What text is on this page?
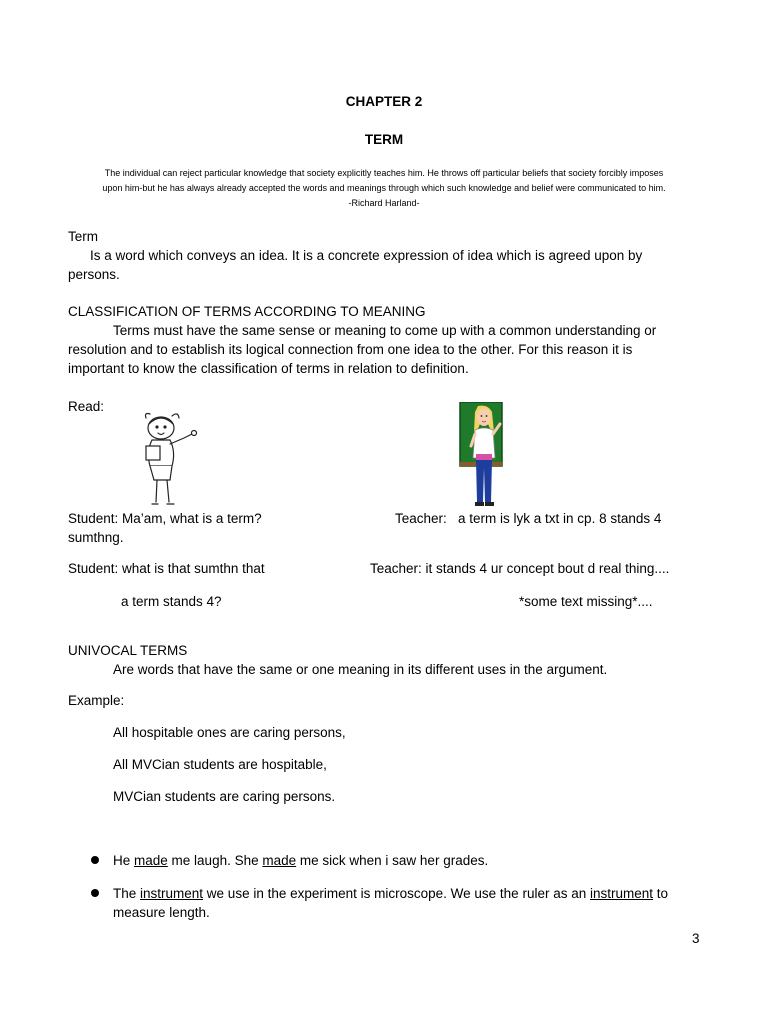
CHAPTER 2
TERM
The individual can reject particular knowledge that society explicitly teaches him. He throws off particular beliefs that society forcibly imposes
upon him-but he has always already accepted the words and meanings through which such knowledge and belief were communicated to him.
-Richard Harland-
Term
Is a word which conveys an idea. It is a concrete expression of idea which is agreed upon by
persons.
CLASSIFICATION OF TERMS ACCORDING TO MEANING
Terms must have the same sense or meaning to come up with a common understanding or
resolution and to establish its logical connection from one idea to the other. For this reason it is
important to know the classification of terms in relation to definition.
Read:
Student: Ma’am, what is a term?	Teacher:   a term is lyk a txt in cp. 8 stands 4
sumthng.
Student: what is that sumthn that	Teacher: it stands 4 ur concept bout d real thing....
a term stands 4?	*some text missing*....
UNIVOCAL TERMS
Are words that have the same or one meaning in its different uses in the argument.
Example:
All hospitable ones are caring persons,
All MVCian students are hospitable,
MVCian students are caring persons.
He made me laugh. She made me sick when i saw her grades.
The instrument we use in the experiment is microscope. We use the ruler as an instrument to
measure length.
3
